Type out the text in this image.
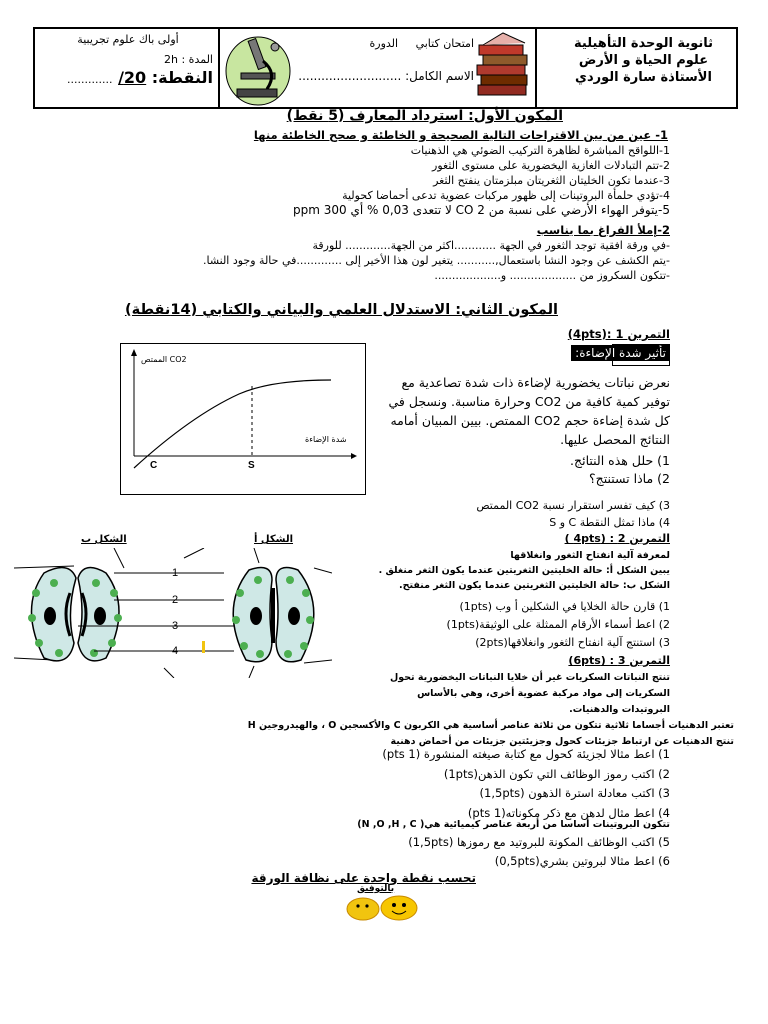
ثانوية الوحدة التأهيلية
علوم الحياة و الأرض
الأستاذة سارة الوردي
امتحان كتابي     الدورة
الاسم الكامل: ...........................
أولى باك علوم تجريبية
المدة : 2h
النقطة: 20/ .............
المكون الأول: استرداد المعارف (5 نقط)
1- عين من بين الاقتراحات التالية الصحيحة و الخاطئة و صحح الخاطئة منها
1-اللواقح المباشرة لظاهرة التركيب الضوئي هي الذهنيات
2-تتم التبادلات الغازية اليخضورية على مستوى الثغور
3-عندما تكون الخليتان الثغريتان مبلزمتان ينفتح الثغر
4-تؤدي حلمأة البروتينات إلى ظهور مركبات عضوية تدعى أحماضا كحولية
5-يتوفر الهواء الأرضي على نسبة من CO 2 لا تتعدى 0,03 % أي 300 ppm
2-إملأ الفراغ بما يناسب
-في ورقة افقية توجد الثغور في الجهة ............اكثر من الجهة............. للورقة
-يتم الكشف عن وجود النشا باستعمال,........... يتغير لون هذا الأخير إلى .............في حالة وجود النشا.
-تتكون السكروز من ................... و...................
المكون الثاني: الاستدلال العلمي والبياني والكتابي (14نقطة)
التمرين 1 :(4pts)
C	S
الممتص CO2
شدة الإضاءة
تأثير شدة الإضاءة:
نعرض نباتات يخضورية لإضاءة ذات شدة تصاعدية مع توفير كمية كافية من CO2 وحرارة مناسبة. ونسجل في كل شدة إضاءة حجم CO2 الممتص. بيين المبيان أمامه النتائج المحصل عليها.
1) حلل هذه النتائج.
2) ماذا تستنتج؟
3) كيف تفسر استقرار نسبة CO2 الممتص
4) ماذا تمثل النقطة C و S
التمرين 2 : (4pts )
لمعرفة آلية انفتاح الثغور وانغلاقها
يبين الشكل أ: حالة الخليتين الثغريتين عندما يكون الثغر منغلق .
الشكل ب: حالة الخليتين الثغريتين عندما يكون الثغر منفتح.
1) قارن حالة الخلايا في الشكلين أ وب (1pts)
2) اعط أسماء الأرقام الممثلة على الوثيقة(1pts)
3) استنتج آلية انفتاح الثغور وانغلاقها(2pts)
الشكل ب	الشكل أ
1
2
3
4
التمرين 3 : (6pts)
تنتج النباتات السكريات غير أن خلايا النباتات اليخضورية تحول
السكريات إلى مواد مركبة عضوية أخرى، وهي بالأساس
البروتيدات والدهنيات.
تعتبر الدهنيات أجساما ثلاثية تتكون من ثلاثة عناصر أساسية هي الكربون C والأكسجين O ، والهيدروجين H
تنتج الدهنيات عن ارتباط جزيئات كحول وجزيئتين جزيئات من أحماض دهنية
1) اعط مثالا لجزيئة كحول مع كتابة صيغته المنشورة (1 pts)
2) اكتب رموز الوظائف التي تكون الذهن(1pts)
3) اكتب معادلة استرة الذهون (1,5pts)
4) اعط مثال لدهن مع ذكر مكوناته(1 pts)
تتكون البروتينات أساسا من أربعة عناصر كيميائية هي( N ,O ,H , C)
5) اكتب الوظائف المكونة للبروتيد مع رموزها (1,5pts)
6) اعط مثالا لبروتين بشري(0,5pts)
تحسب نقطة واحدة على نظافة الورقة
بالتوفيق
